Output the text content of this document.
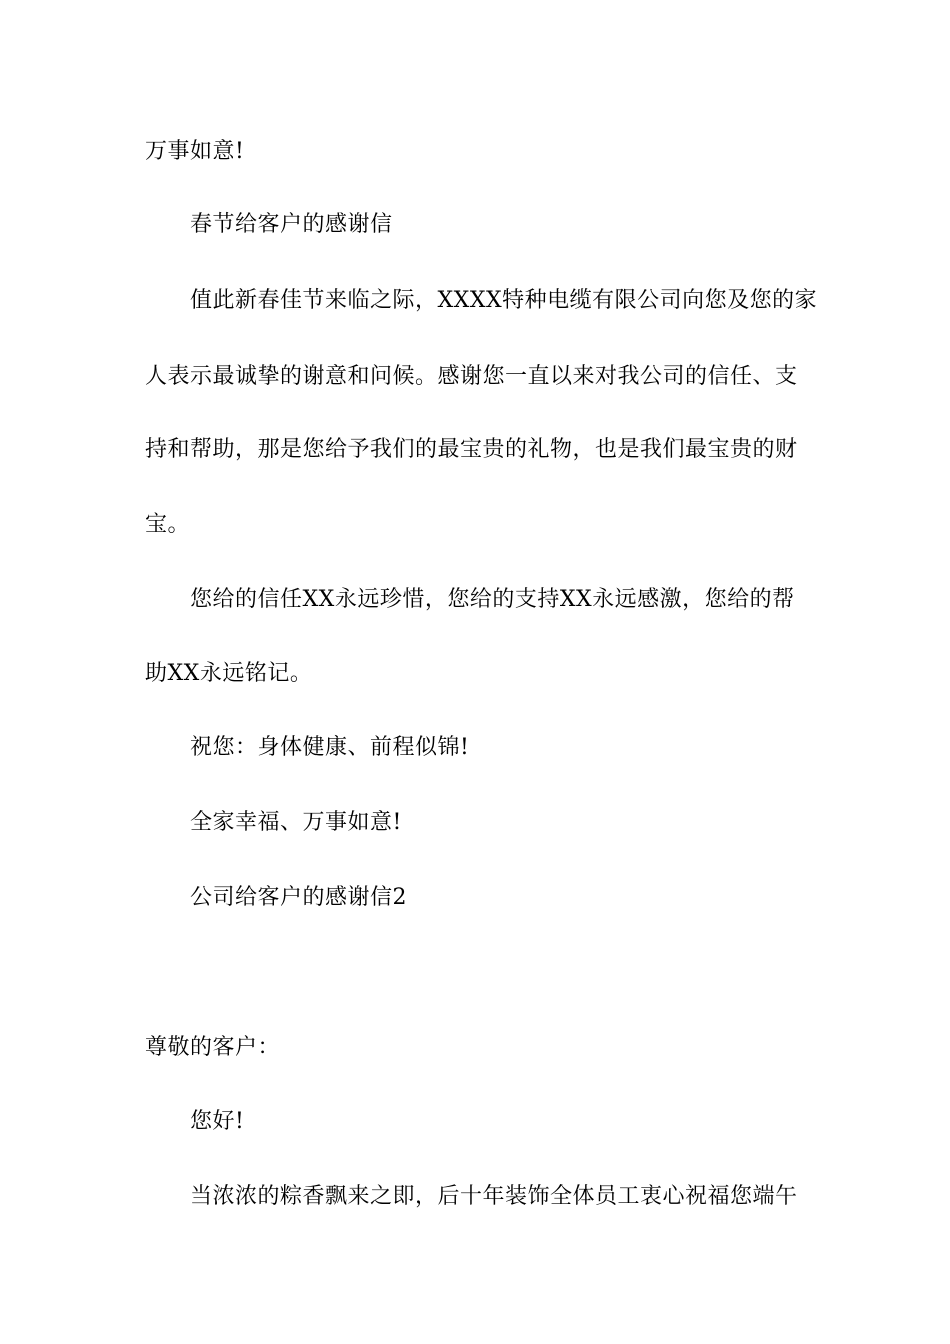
万事如意!
春节给客户的感谢信
值此新春佳节来临之际，XXXX特种电缆有限公司向您及您的家
人表示最诚挚的谢意和问候。感谢您一直以来对我公司的信任、支
持和帮助，那是您给予我们的最宝贵的礼物，也是我们最宝贵的财
宝。
您给的信任XX永远珍惜，您给的支持XX永远感激，您给的帮
助XX永远铭记。
祝您：身体健康、前程似锦!
全家幸福、万事如意!
公司给客户的感谢信2
尊敬的客户：
您好!
当浓浓的粽香飘来之即，后十年装饰全体员工衷心祝福您端午
